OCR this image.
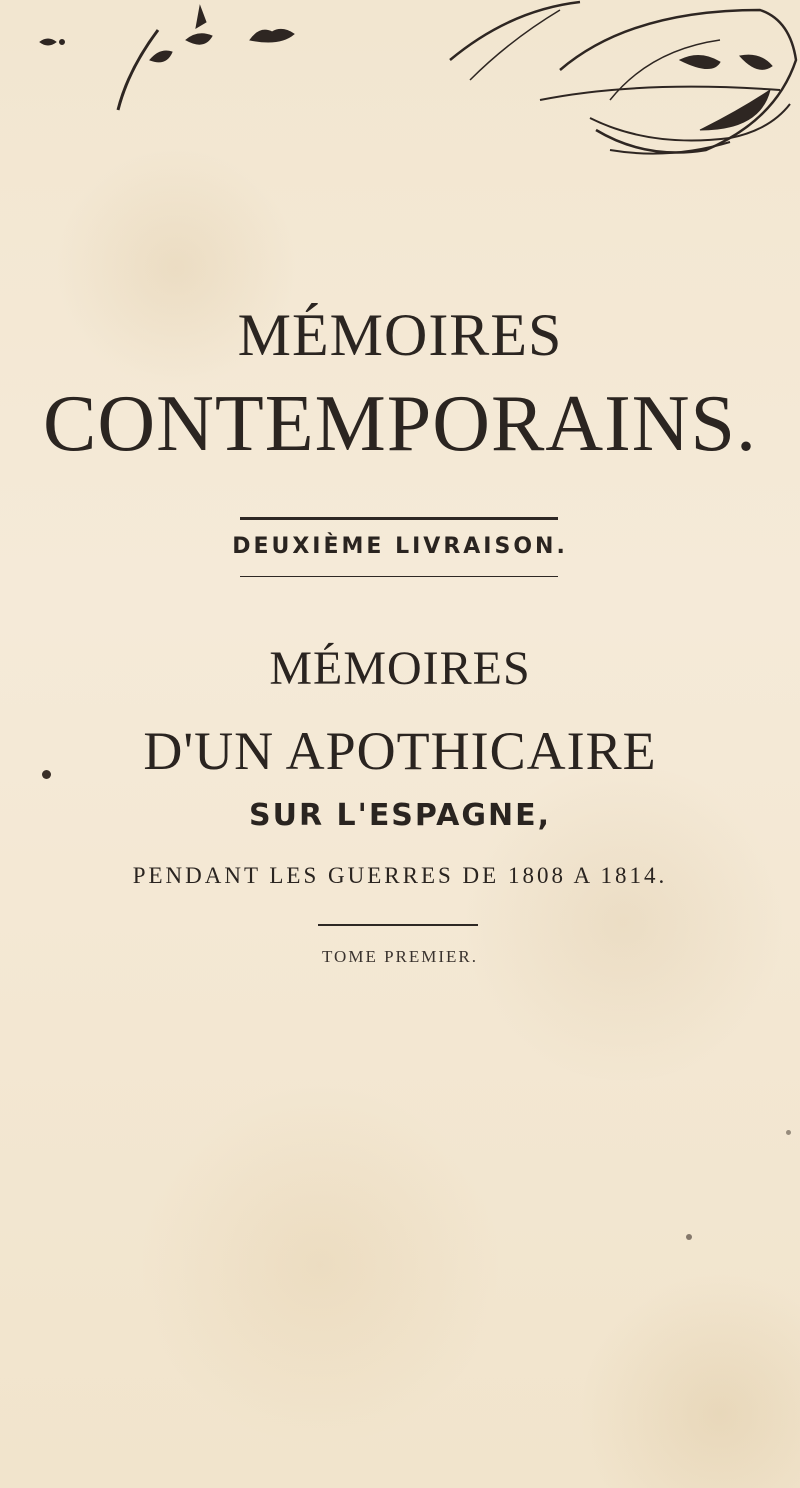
MÉMOIRES
CONTEMPORAINS.
DEUXIÈME LIVRAISON.
MÉMOIRES
D'UN APOTHICAIRE
SUR L'ESPAGNE,
PENDANT LES GUERRES DE 1808 A 1814.
TOME PREMIER.
